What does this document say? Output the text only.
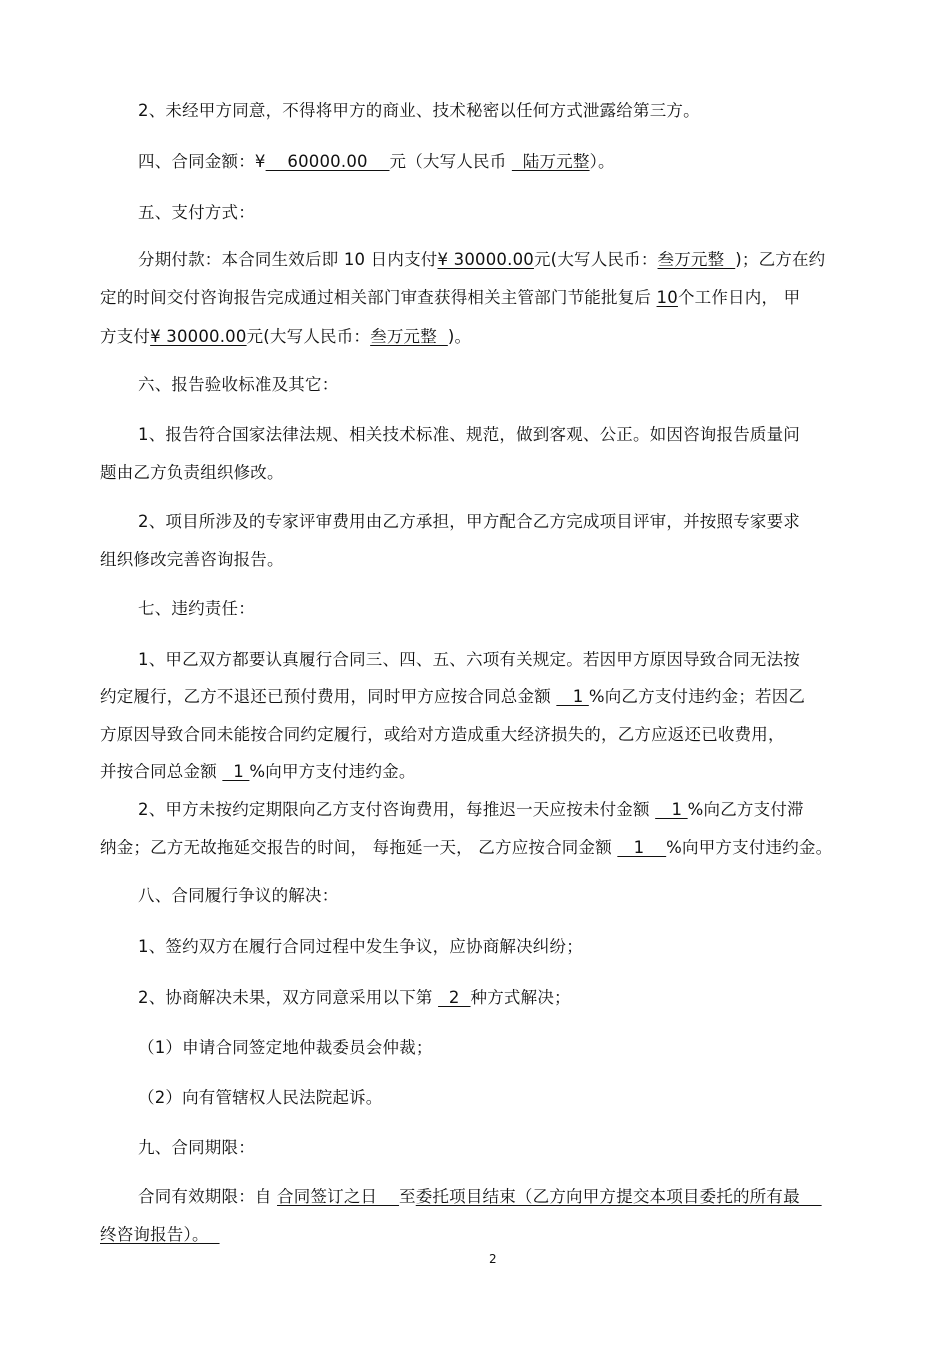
2、未经甲方同意，不得将甲方的商业、技术秘密以任何方式泄露给第三方。
四、合同金额：¥    60000.00    元（大写人民币   陆万元整）。
五、支付方式：
分期付款：本合同生效后即 10 日内支付¥ 30000.00元(大写人民币：叁万元整  )；乙方在约
定的时间交付咨询报告完成通过相关部门审查获得相关主管部门节能批复后 10个工作日内， 甲
方支付¥ 30000.00元(大写人民币：叁万元整  )。
六、报告验收标准及其它：
1、报告符合国家法律法规、相关技术标准、规范，做到客观、公正。如因咨询报告质量问
题由乙方负责组织修改。
2、项目所涉及的专家评审费用由乙方承担，甲方配合乙方完成项目评审，并按照专家要求
组织修改完善咨询报告。
七、违约责任：
1、甲乙双方都要认真履行合同三、四、五、六项有关规定。若因甲方原因导致合同无法按
约定履行，乙方不退还已预付费用，同时甲方应按合同总金额    1 %向乙方支付违约金；若因乙
方原因导致合同未能按合同约定履行，或给对方造成重大经济损失的，乙方应返还已收费用，
并按合同总金额   1 %向甲方支付违约金。
2、甲方未按约定期限向乙方支付咨询费用，每推迟一天应按未付金额    1 %向乙方支付滞
纳金；乙方无故拖延交报告的时间， 每拖延一天， 乙方应按合同金额    1    %向甲方支付违约金。
八、合同履行争议的解决：
1、签约双方在履行合同过程中发生争议，应协商解决纠纷；
2、协商解决未果，双方同意采用以下第   2  种方式解决；
（1）申请合同签定地仲裁委员会仲裁；
（2）向有管辖权人民法院起诉。
九、合同期限：
合同有效期限：自 合同签订之日    至委托项目结束（乙方向甲方提交本项目委托的所有最
终咨询报告）。
2
